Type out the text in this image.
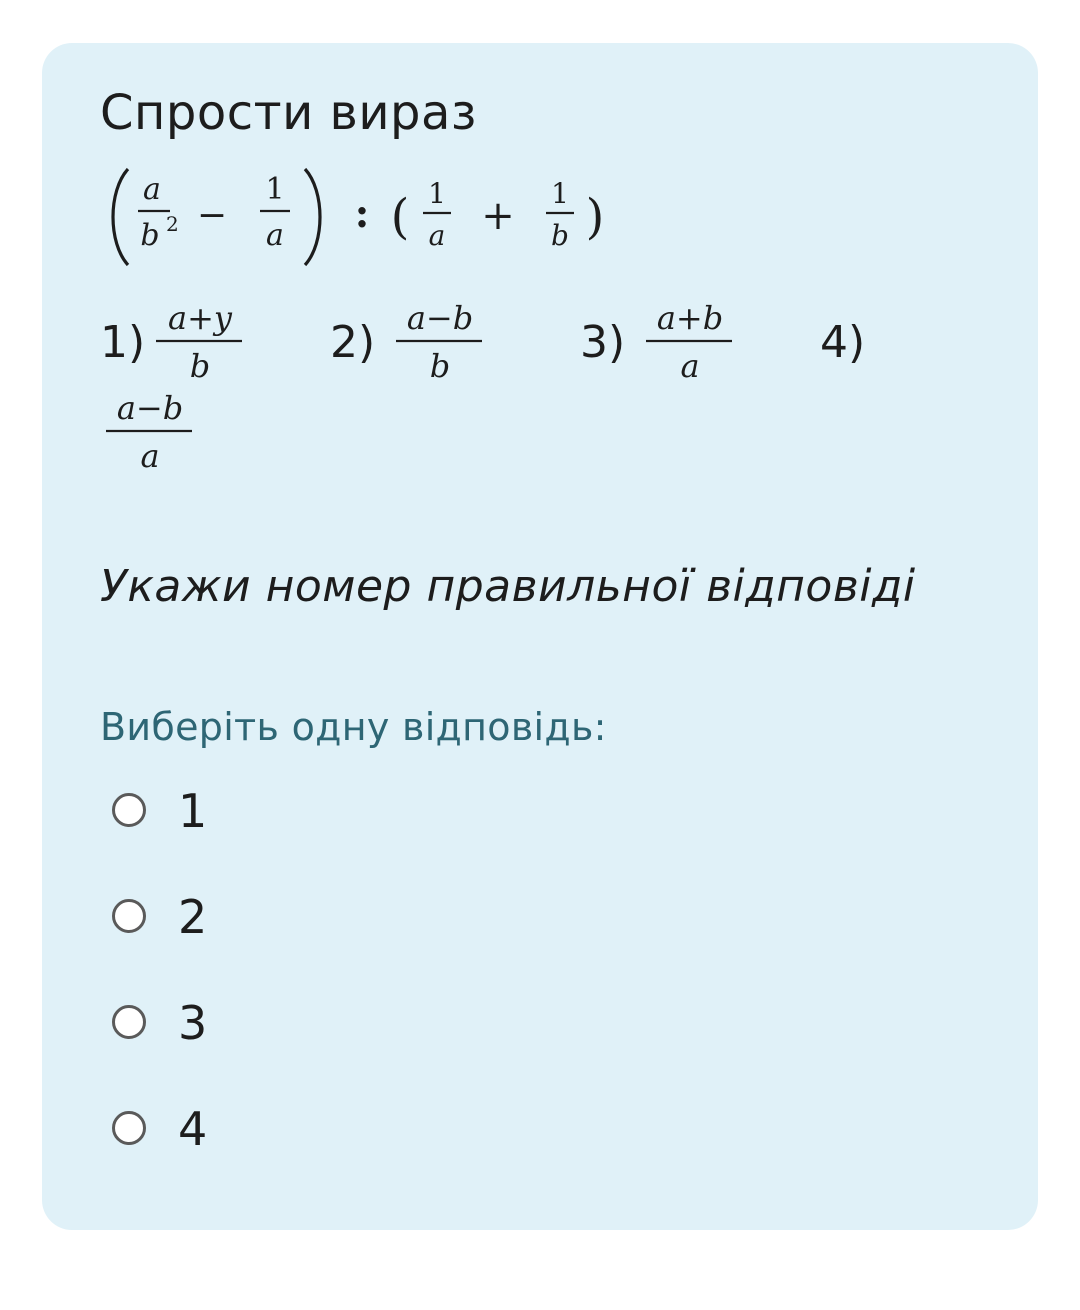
Спрости вираз
a
b 2 −
1
a : ( 1
a + 1
b )
1) a+y
b	2) a−b
b	3) a+b
a	4)
a−b
a
Укажи номер правильної відповіді
Виберіть одну відповідь:
1
2
3
4
